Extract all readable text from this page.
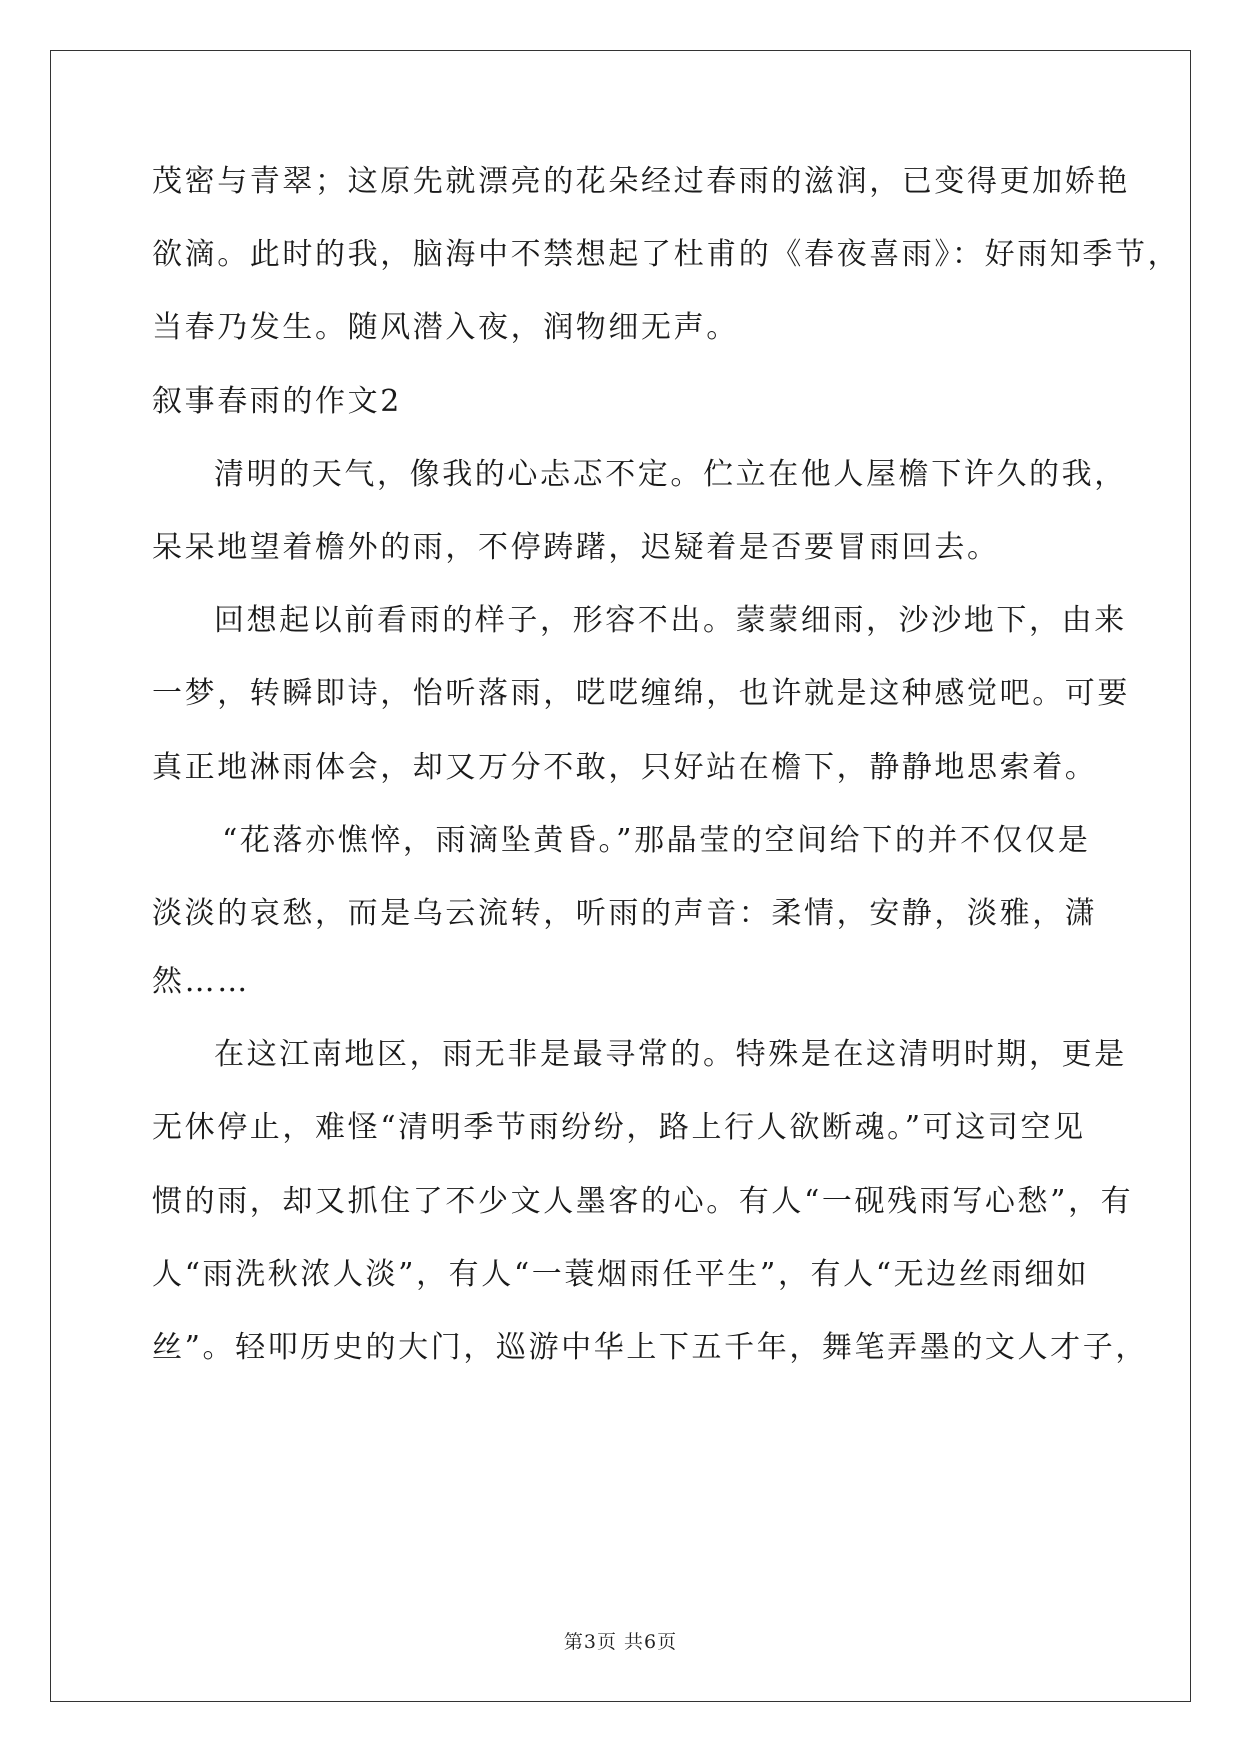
茂密与青翠；这原先就漂亮的花朵经过春雨的滋润，已变得更加娇艳
欲滴。此时的我，脑海中不禁想起了杜甫的《春夜喜雨》：好雨知季节，
当春乃发生。随风潜入夜，润物细无声。
叙事春雨的作文2
清明的天气，像我的心忐忑不定。伫立在他人屋檐下许久的我，
呆呆地望着檐外的雨，不停踌躇，迟疑着是否要冒雨回去。
回想起以前看雨的样子，形容不出。蒙蒙细雨，沙沙地下，由来
一梦，转瞬即诗，怡听落雨，呓呓缠绵，也许就是这种感觉吧。可要
真正地淋雨体会，却又万分不敢，只好站在檐下，静静地思索着。
“花落亦憔悴，雨滴坠黄昏。”那晶莹的空间给下的并不仅仅是
淡淡的哀愁，而是乌云流转，听雨的声音：柔情，安静，淡雅，潇
然……
在这江南地区，雨无非是最寻常的。特殊是在这清明时期，更是
无休停止，难怪“清明季节雨纷纷，路上行人欲断魂。”可这司空见
惯的雨，却又抓住了不少文人墨客的心。有人“一砚残雨写心愁”，有
人“雨洗秋浓人淡”，有人“一蓑烟雨任平生”，有人“无边丝雨细如
丝”。轻叩历史的大门，巡游中华上下五千年，舞笔弄墨的文人才子，
第3页 共6页
